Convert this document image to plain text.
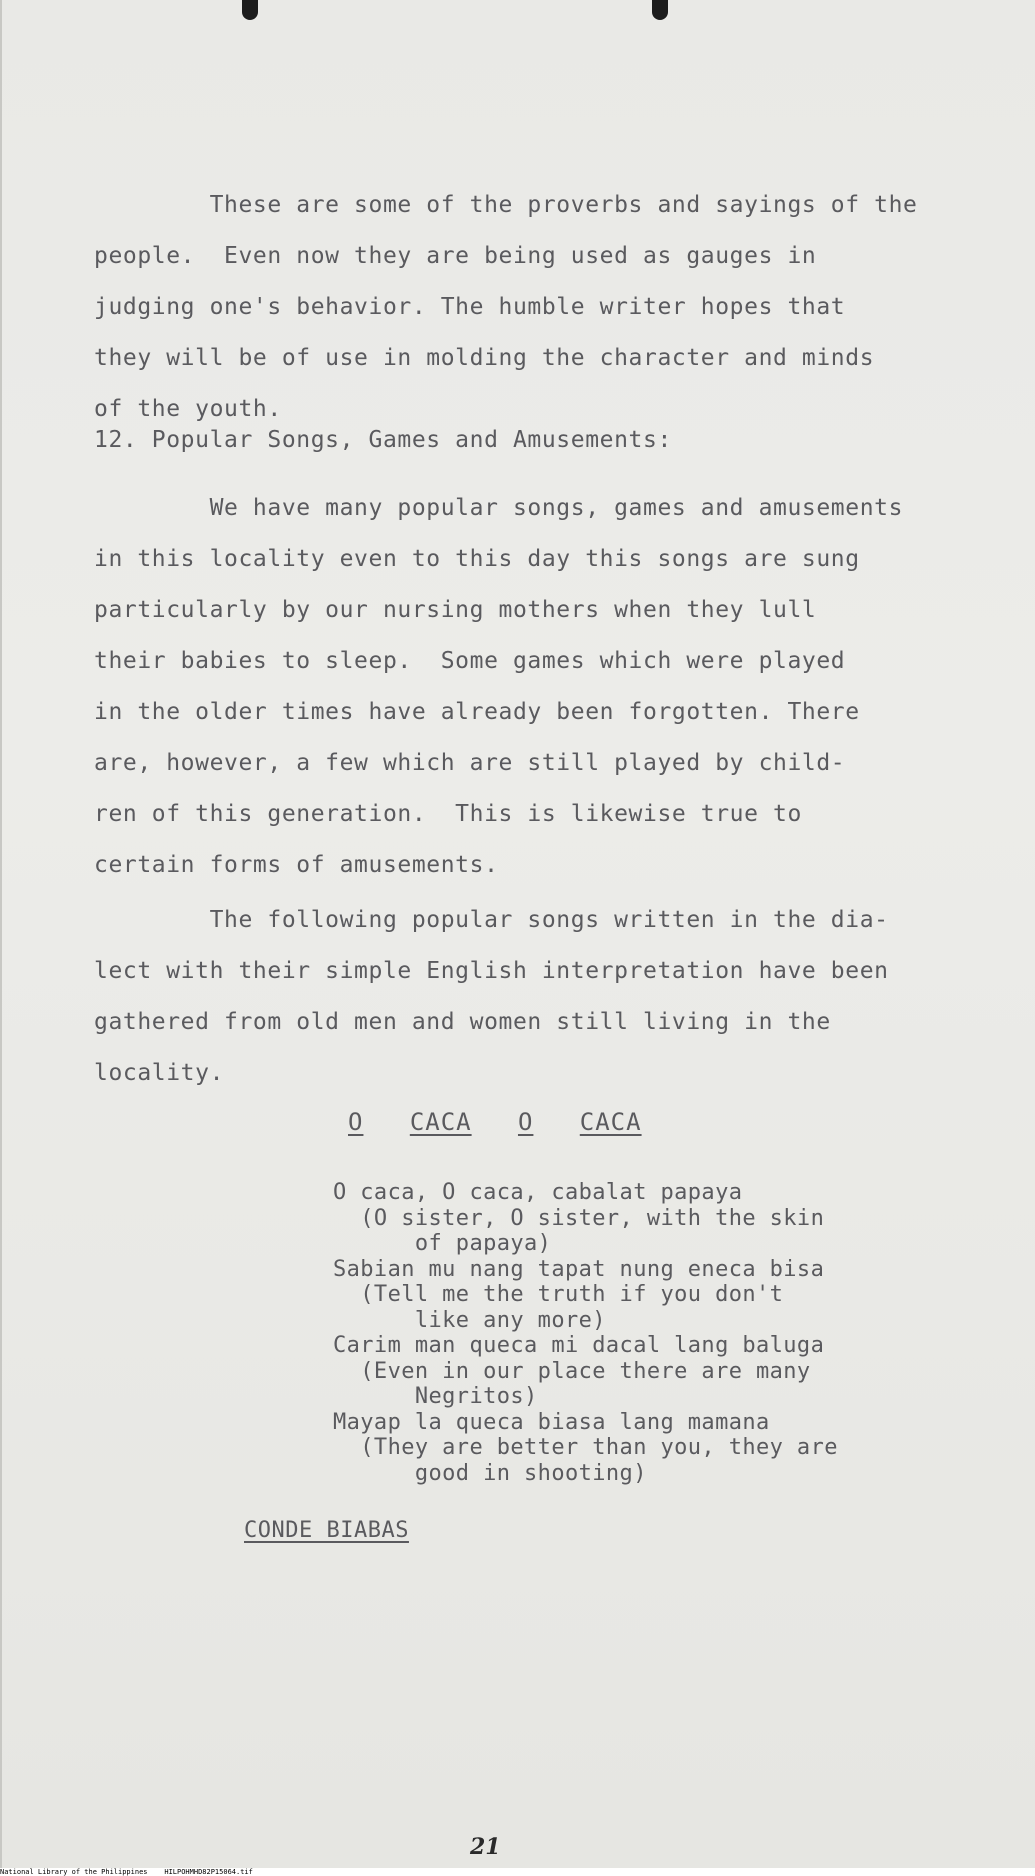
These are some of the proverbs and sayings of the
people.  Even now they are being used as gauges in
judging one's behavior. The humble writer hopes that
they will be of use in molding the character and minds
of the youth.
12. Popular Songs, Games and Amusements:
We have many popular songs, games and amusements
in this locality even to this day this songs are sung
particularly by our nursing mothers when they lull
their babies to sleep.  Some games which were played
in the older times have already been forgotten. There
are, however, a few which are still played by child-
ren of this generation.  This is likewise true to
certain forms of amusements.
The following popular songs written in the dia-
lect with their simple English interpretation have been
gathered from old men and women still living in the
locality.
O CACA O CACA
O caca, O caca, cabalat papaya
(O sister, O sister, with the skin
of papaya)
Sabian mu nang tapat nung eneca bisa
(Tell me the truth if you don't
like any more)
Carim man queca mi dacal lang baluga
(Even in our place there are many
Negritos)
Mayap la queca biasa lang mamana
(They are better than you, they are
good in shooting)
CONDE BIABAS
21
National Library of the Philippines    HILPOHMHD82P15064.tif
